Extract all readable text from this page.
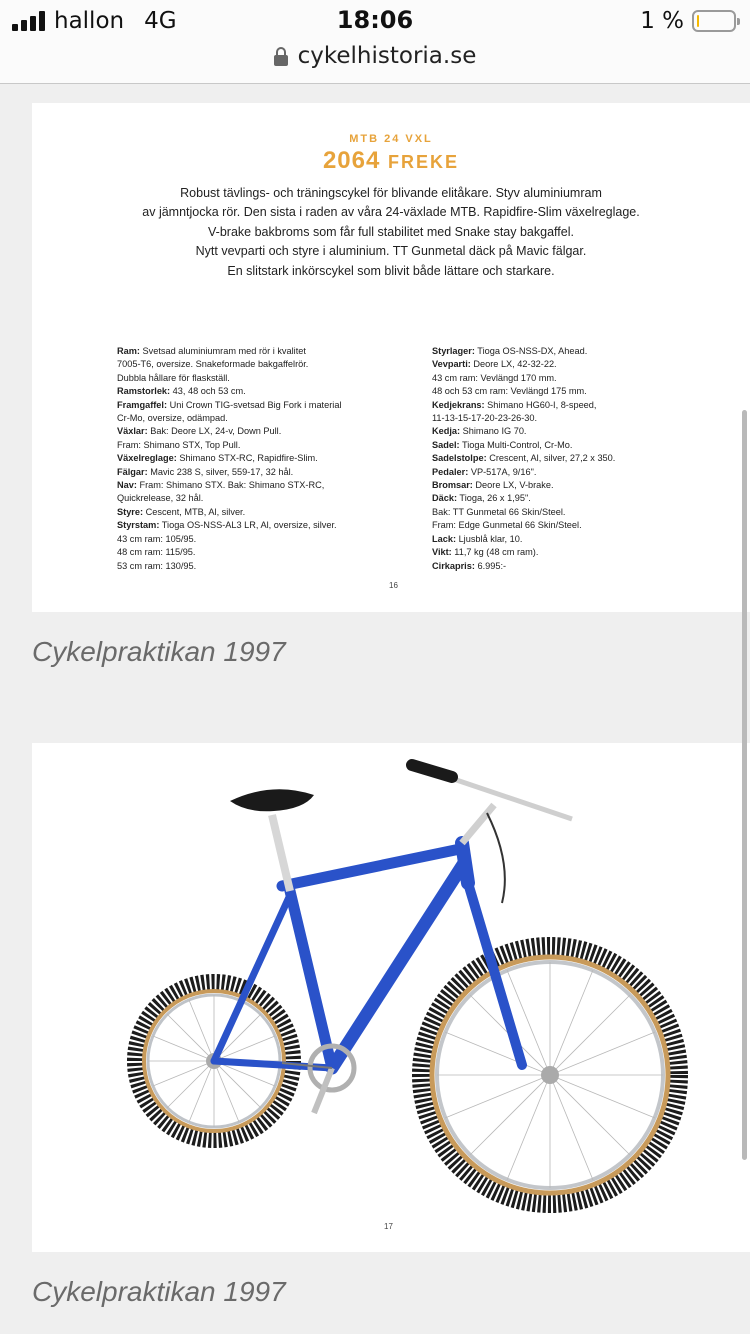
hallon 4G	18:06	1 %
cykelhistoria.se
MTB 24 VXL
2064 FREKE
Robust tävlings- och träningscykel för blivande elitåkare. Styv aluminiumram
av jämntjocka rör. Den sista i raden av våra 24-växlade MTB. Rapidfire-Slim växelreglage.
V-brake bakbroms som får full stabilitet med Snake stay bakgaffel.
Nytt vevparti och styre i aluminium. TT Gunmetal däck på Mavic fälgar.
En slitstark inkörscykel som blivit både lättare och starkare.
Ram: Svetsad aluminiumram med rör i kvalitet
7005-T6, oversize. Snakeformade bakgaffelrör.
Dubbla hållare för flaskställ.
Ramstorlek: 43, 48 och 53 cm.
Framgaffel: Uni Crown TIG-svetsad Big Fork i material
Cr-Mo, oversize, odämpad.
Växlar: Bak: Deore LX, 24-v, Down Pull.
Fram: Shimano STX, Top Pull.
Växelreglage: Shimano STX-RC, Rapidfire-Slim.
Fälgar: Mavic 238 S, silver, 559-17, 32 hål.
Nav: Fram: Shimano STX. Bak: Shimano STX-RC,
Quickrelease, 32 hål.
Styre: Cescent, MTB, Al, silver.
Styrstam: Tioga OS-NSS-AL3 LR, Al, oversize, silver.
43 cm ram: 105/95.
48 cm ram: 115/95.
53 cm ram: 130/95.
Styrlager: Tioga OS-NSS-DX, Ahead.
Vevparti: Deore LX, 42-32-22.
43 cm ram: Vevlängd 170 mm.
48 och 53 cm ram: Vevlängd 175 mm.
Kedjekrans: Shimano HG60-I, 8-speed,
11-13-15-17-20-23-26-30.
Kedja: Shimano IG 70.
Sadel: Tioga Multi-Control, Cr-Mo.
Sadelstolpe: Crescent, Al, silver, 27,2 x 350.
Pedaler: VP-517A, 9/16".
Bromsar: Deore LX, V-brake.
Däck: Tioga, 26 x 1,95".
Bak: TT Gunmetal 66 Skin/Steel.
Fram: Edge Gunmetal 66 Skin/Steel.
Lack: Ljusblå klar, 10.
Vikt: 11,7 kg (48 cm ram).
Cirkapris: 6.995:-
16
Cykelpraktikan 1997
17
Cykelpraktikan 1997
